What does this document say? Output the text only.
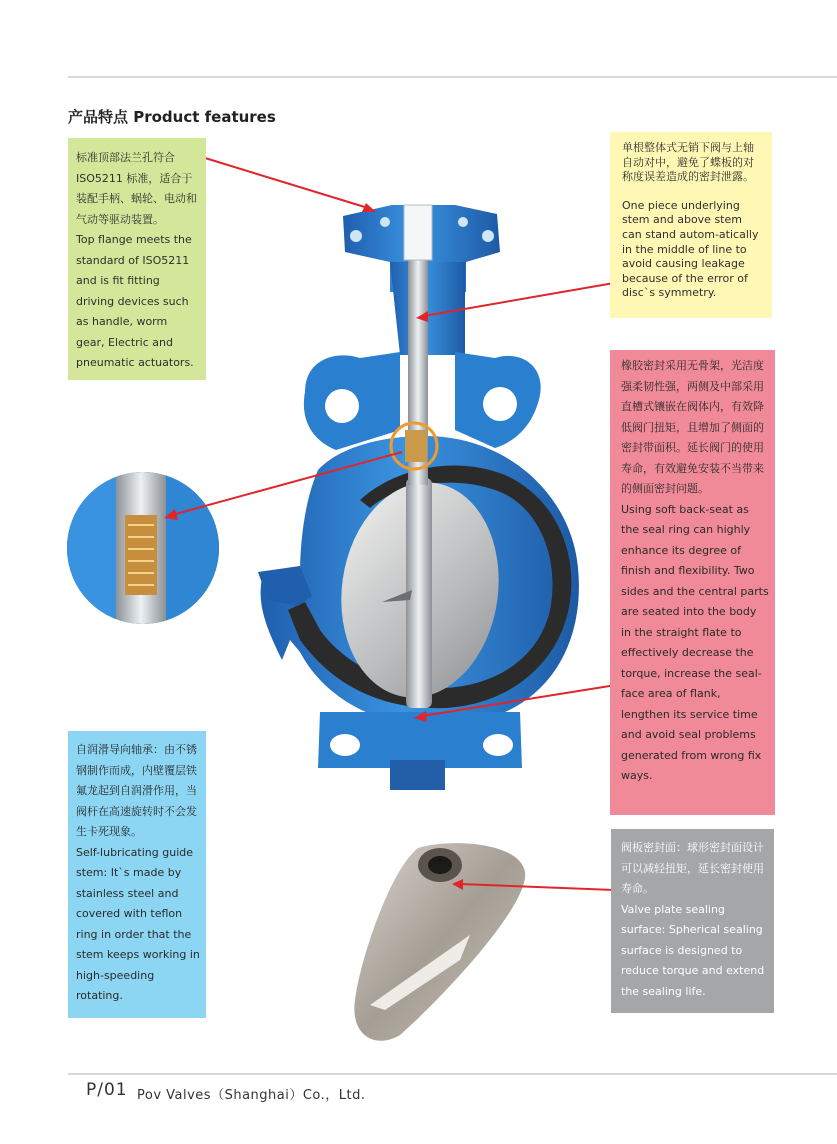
产品特点 Product features

标准顶部法兰孔符合ISO5211 标准，适合于装配手柄、蜗轮、电动和气动等驱动装置。

Top flange meets the standard of ISO5211 and is fit fitting driving devices such as handle, worm gear, Electric and pneumatic actuators.

单根整体式无销下阀与上轴自动对中，避免了蝶板的对称度误差造成的密封泄露。

One piece underlying stem and above stem can stand autom-atically in the middle of line to avoid causing leakage because of the error of disc`s symmetry.

橡胶密封采用无骨架，光洁度强柔韧性强，两侧及中部采用直槽式镶嵌在阀体内，有效降低阀门扭矩，且增加了侧面的密封带面积。延长阀门的使用寿命，有效避免安装不当带来的侧面密封问题。

Using soft back-seat as the seal ring can highly enhance its degree of finish and flexibility. Two sides and the central parts are seated into the body in the straight flate to effectively decrease the torque, increase the seal-face area of flank, lengthen its service time and avoid seal problems generated from wrong fix ways.

自润滑导向轴承：由不锈钢制作而成，内壁覆层铁氟龙起到自润滑作用，当阀杆在高速旋转时不会发生卡死现象。

Self-lubricating guide stem: It`s made by stainless steel and covered with teflon ring in order that the stem keeps working in high-speeding rotating.

阀板密封面：球形密封面设计可以减轻扭矩，延长密封使用寿命。

Valve plate sealing surface: Spherical sealing surface is designed to reduce torque and extend the sealing life.

P/01 Pov Valves（Shanghai）Co.，Ltd.
